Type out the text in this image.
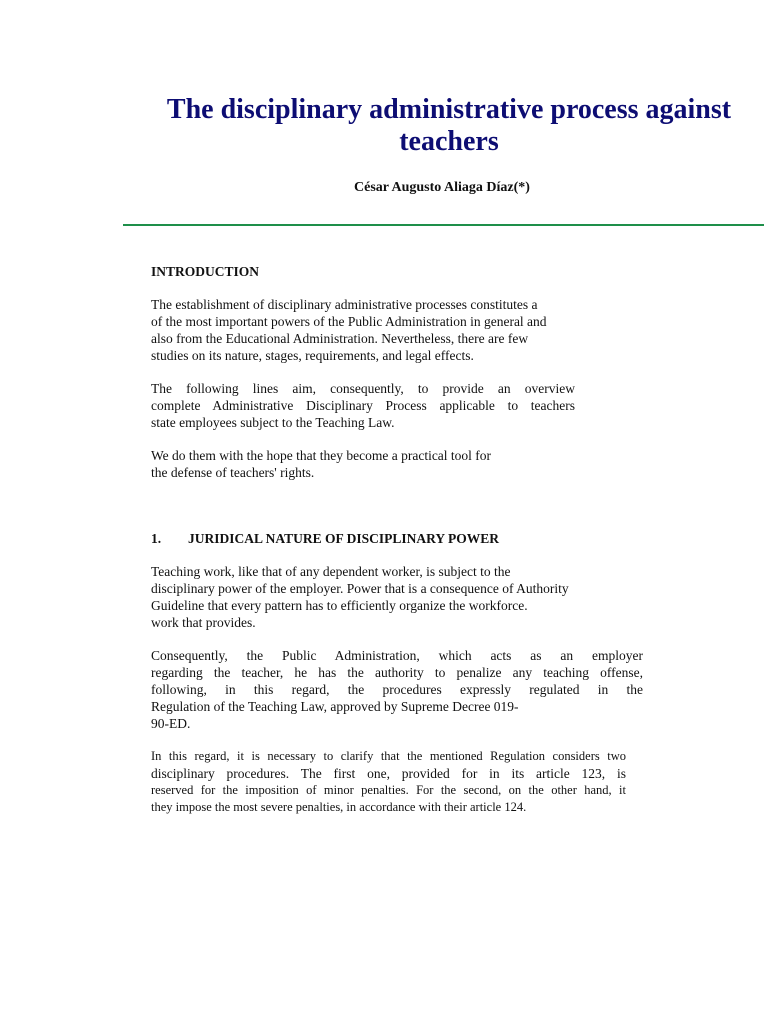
The disciplinary administrative process against teachers
César Augusto Aliaga Díaz(*)
INTRODUCTION
The establishment of disciplinary administrative processes constitutes a
of the most important powers of the Public Administration in general and
also from the Educational Administration. Nevertheless, there are few
studies on its nature, stages, requirements, and legal effects.
The following lines aim, consequently, to provide an overview
complete Administrative Disciplinary Process applicable to teachers
state employees subject to the Teaching Law.
We do them with the hope that they become a practical tool for
the defense of teachers' rights.
1. JURIDICAL NATURE OF DISCIPLINARY POWER
Teaching work, like that of any dependent worker, is subject to the
disciplinary power of the employer. Power that is a consequence of Authority
Guideline that every pattern has to efficiently organize the workforce.
work that provides.
Consequently, the Public Administration, which acts as an employer
regarding the teacher, he has the authority to penalize any teaching offense,
following, in this regard, the procedures expressly regulated in the
Regulation of the Teaching Law, approved by Supreme Decree 019-
90-ED.
In this regard, it is necessary to clarify that the mentioned Regulation considers two
disciplinary procedures. The first one, provided for in its article 123, is
reserved for the imposition of minor penalties. For the second, on the other hand, it
they impose the most severe penalties, in accordance with their article 124.
